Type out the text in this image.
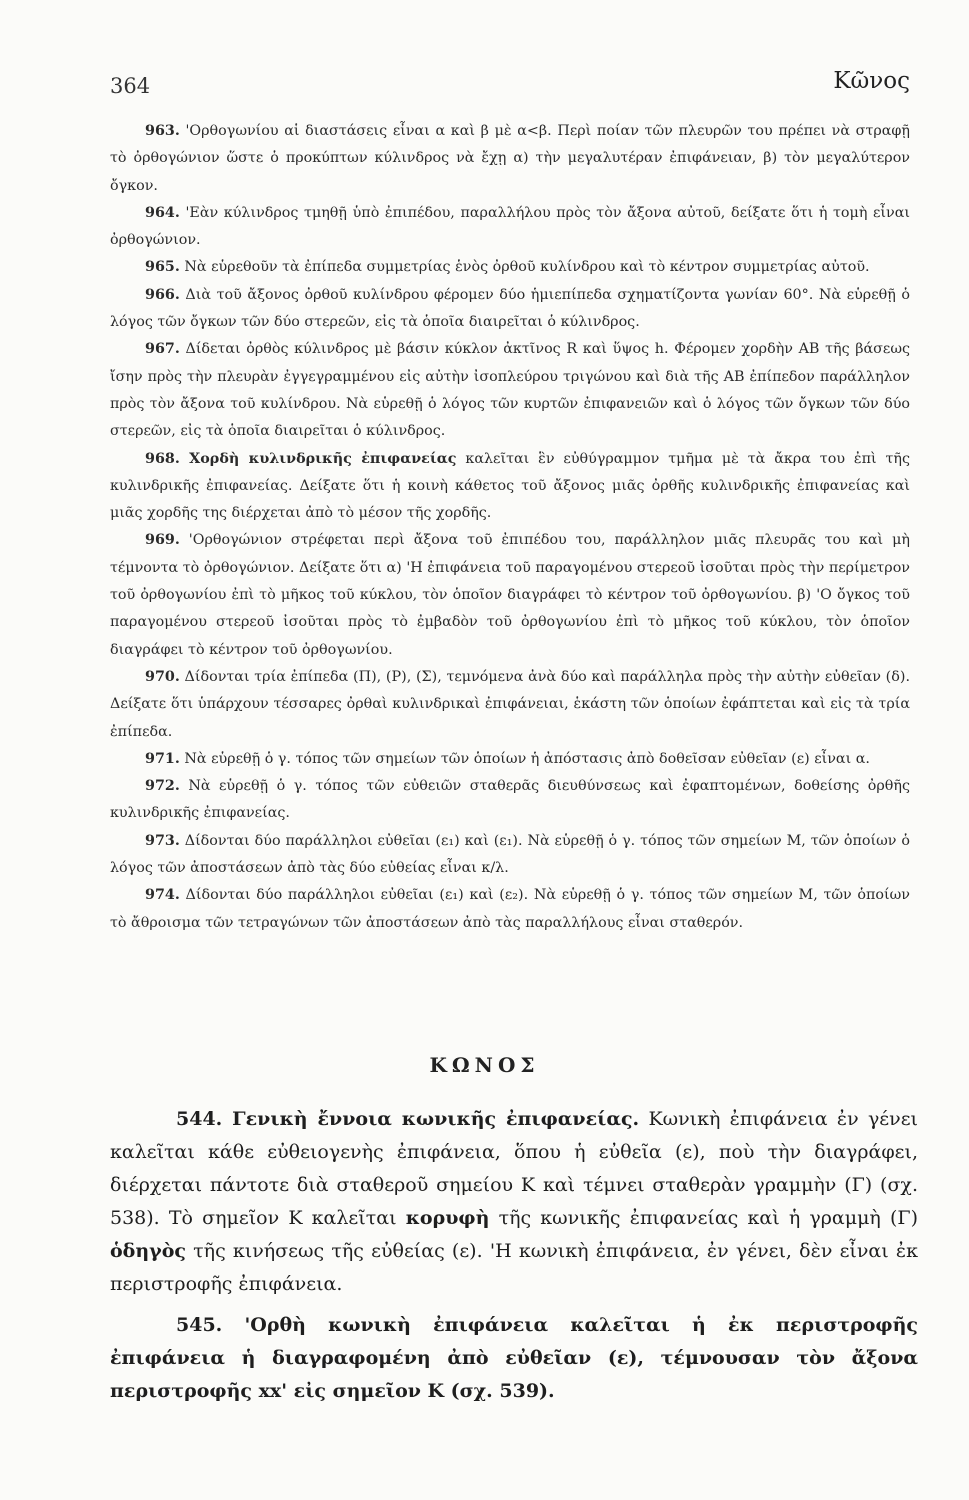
364	Κῶνος

963. 'Ορθογωνίου αἱ διαστάσεις εἶναι α καὶ β μὲ α<β. Περὶ ποίαν τῶν πλευρῶν του πρέπει νὰ στραφῇ τὸ ὀρθογώνιον ὥστε ὁ προκύπτων κύλινδρος νὰ ἔχῃ α) τὴν μεγαλυτέραν ἐπιφάνειαν, β) τὸν μεγαλύτερον ὄγκον.

964. 'Εὰν κύλινδρος τμηθῇ ὑπὸ ἐπιπέδου, παραλλήλου πρὸς τὸν ἄξονα αὐτοῦ, δείξατε ὅτι ἡ τομὴ εἶναι ὀρθογώνιον.

965. Νὰ εὑρεθοῦν τὰ ἐπίπεδα συμμετρίας ἑνὸς ὀρθοῦ κυλίνδρου καὶ τὸ κέντρον συμμετρίας αὐτοῦ.

966. Διὰ τοῦ ἄξονος ὀρθοῦ κυλίνδρου φέρομεν δύο ἡμιεπίπεδα σχηματίζοντα γωνίαν 60°. Νὰ εὑρεθῇ ὁ λόγος τῶν ὄγκων τῶν δύο στερεῶν, εἰς τὰ ὁποῖα διαιρεῖται ὁ κύλινδρος.

967. Δίδεται ὀρθὸς κύλινδρος μὲ βάσιν κύκλον ἀκτῖνος R καὶ ὕψος h. Φέρομεν χορδὴν ΑΒ τῆς βάσεως ἴσην πρὸς τὴν πλευρὰν ἐγγεγραμμένου εἰς αὐτὴν ἰσοπλεύρου τριγώνου καὶ διὰ τῆς ΑΒ ἐπίπεδον παράλληλον πρὸς τὸν ἄξονα τοῦ κυλίνδρου. Νὰ εὑρεθῇ ὁ λόγος τῶν κυρτῶν ἐπιφανειῶν καὶ ὁ λόγος τῶν ὄγκων τῶν δύο στερεῶν, εἰς τὰ ὁποῖα διαιρεῖται ὁ κύλινδρος.

968. Χορδὴ κυλινδρικῆς ἐπιφανείας καλεῖται ἓν εὐθύγραμμον τμῆμα μὲ τὰ ἄκρα του ἐπὶ τῆς κυλινδρικῆς ἐπιφανείας. Δείξατε ὅτι ἡ κοινὴ κάθετος τοῦ ἄξονος μιᾶς ὀρθῆς κυλινδρικῆς ἐπιφανείας καὶ μιᾶς χορδῆς της διέρχεται ἀπὸ τὸ μέσον τῆς χορδῆς.

969. 'Ορθογώνιον στρέφεται περὶ ἄξονα τοῦ ἐπιπέδου του, παράλληλον μιᾶς πλευρᾶς του καὶ μὴ τέμνοντα τὸ ὀρθογώνιον. Δείξατε ὅτι α) 'Η ἐπιφάνεια τοῦ παραγομένου στερεοῦ ἰσοῦται πρὸς τὴν περίμετρον τοῦ ὀρθογωνίου ἐπὶ τὸ μῆκος τοῦ κύκλου, τὸν ὁποῖον διαγράφει τὸ κέντρον τοῦ ὀρθογωνίου. β) 'Ο ὄγκος τοῦ παραγομένου στερεοῦ ἰσοῦται πρὸς τὸ ἐμβαδὸν τοῦ ὀρθογωνίου ἐπὶ τὸ μῆκος τοῦ κύκλου, τὸν ὁποῖον διαγράφει τὸ κέντρον τοῦ ὀρθογωνίου.

970. Δίδονται τρία ἐπίπεδα (Π), (Ρ), (Σ), τεμνόμενα ἀνὰ δύο καὶ παράλληλα πρὸς τὴν αὐτὴν εὐθεῖαν (δ). Δείξατε ὅτι ὑπάρχουν τέσσαρες ὀρθαὶ κυλινδρικαὶ ἐπιφάνειαι, ἑκάστη τῶν ὁποίων ἐφάπτεται καὶ εἰς τὰ τρία ἐπίπεδα.

971. Νὰ εὑρεθῇ ὁ γ. τόπος τῶν σημείων τῶν ὁποίων ἡ ἀπόστασις ἀπὸ δοθεῖσαν εὐθεῖαν (ε) εἶναι α.

972. Νὰ εὑρεθῇ ὁ γ. τόπος τῶν εὐθειῶν σταθερᾶς διευθύνσεως καὶ ἐφαπτομένων, δοθείσης ὀρθῆς κυλινδρικῆς ἐπιφανείας.

973. Δίδονται δύο παράλληλοι εὐθεῖαι (ε₁) καὶ (ε₁). Νὰ εὑρεθῇ ὁ γ. τόπος τῶν σημείων Μ, τῶν ὁποίων ὁ λόγος τῶν ἀποστάσεων ἀπὸ τὰς δύο εὐθείας εἶναι κ/λ.

974. Δίδονται δύο παράλληλοι εὐθεῖαι (ε₁) καὶ (ε₂). Νὰ εὑρεθῇ ὁ γ. τόπος τῶν σημείων Μ, τῶν ὁποίων τὸ ἄθροισμα τῶν τετραγώνων τῶν ἀποστάσεων ἀπὸ τὰς παραλλήλους εἶναι σταθερόν.

ΚΩΝΟΣ

544. Γενικὴ ἔννοια κωνικῆς ἐπιφανείας. Κωνικὴ ἐπιφάνεια ἐν γένει καλεῖται κάθε εὐθειογενὴς ἐπιφάνεια, ὅπου ἡ εὐθεῖα (ε), ποὺ τὴν διαγράφει, διέρχεται πάντοτε διὰ σταθεροῦ σημείου Κ καὶ τέμνει σταθερὰν γραμμὴν (Γ) (σχ. 538). Τὸ σημεῖον Κ καλεῖται κορυφὴ τῆς κωνικῆς ἐπιφανείας καὶ ἡ γραμμὴ (Γ) ὁδηγὸς τῆς κινήσεως τῆς εὐθείας (ε). 'Η κωνικὴ ἐπιφάνεια, ἐν γένει, δὲν εἶναι ἐκ περιστροφῆς ἐπιφάνεια.

545. 'Ορθὴ κωνικὴ ἐπιφάνεια καλεῖται ἡ ἐκ περιστροφῆς ἐπιφάνεια ἡ διαγραφομένη ἀπὸ εὐθεῖαν (ε), τέμνουσαν τὸν ἄξονα περιστροφῆς xx' εἰς σημεῖον Κ (σχ. 539).
